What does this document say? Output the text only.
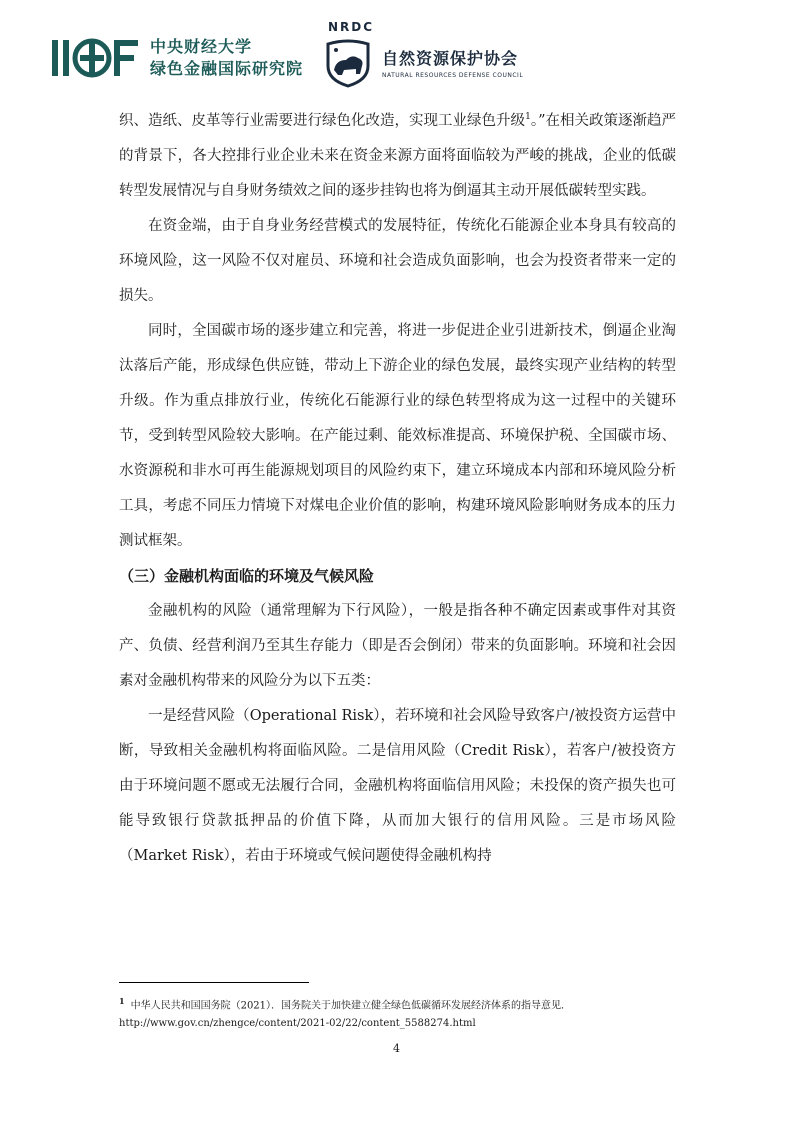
中央财经大学
绿色金融国际研究院
NRDC
自然资源保护协会
NATURAL RESOURCES DEFENSE COUNCIL

织、造纸、皮革等行业需要进行绿色化改造，实现工业绿色升级$^1$。”在相关政策逐渐趋严的背景下，各大控排行业企业未来在资金来源方面将面临较为严峻的挑战，企业的低碳转型发展情况与自身财务绩效之间的逐步挂钩也将为倒逼其主动开展低碳转型实践。

在资金端，由于自身业务经营模式的发展特征，传统化石能源企业本身具有较高的环境风险，这一风险不仅对雇员、环境和社会造成负面影响，也会为投资者带来一定的损失。

同时，全国碳市场的逐步建立和完善，将进一步促进企业引进新技术，倒逼企业淘汰落后产能，形成绿色供应链，带动上下游企业的绿色发展，最终实现产业结构的转型升级。作为重点排放行业，传统化石能源行业的绿色转型将成为这一过程中的关键环节，受到转型风险较大影响。在产能过剩、能效标准提高、环境保护税、全国碳市场、水资源税和非水可再生能源规划项目的风险约束下，建立环境成本内部和环境风险分析工具，考虑不同压力情境下对煤电企业价值的影响，构建环境风险影响财务成本的压力测试框架。

（三）金融机构面临的环境及气候风险

金融机构的风险（通常理解为下行风险），一般是指各种不确定因素或事件对其资产、负债、经营利润乃至其生存能力（即是否会倒闭）带来的负面影响。环境和社会因素对金融机构带来的风险分为以下五类：

一是经营风险（Operational Risk），若环境和社会风险导致客户/被投资方运营中断，导致相关金融机构将面临风险。二是信用风险（Credit Risk），若客户/被投资方由于环境问题不愿或无法履行合同，金融机构将面临信用风险；未投保的资产损失也可能导致银行贷款抵押品的价值下降，从而加大银行的信用风险。三是市场风险（Market Risk），若由于环境或气候问题使得金融机构持

$^1$ 中华人民共和国国务院（2021）．国务院关于加快建立健全绿色低碳循环发展经济体系的指导意见．
http://www.gov.cn/zhengce/content/2021-02/22/content_5588274.html
4
